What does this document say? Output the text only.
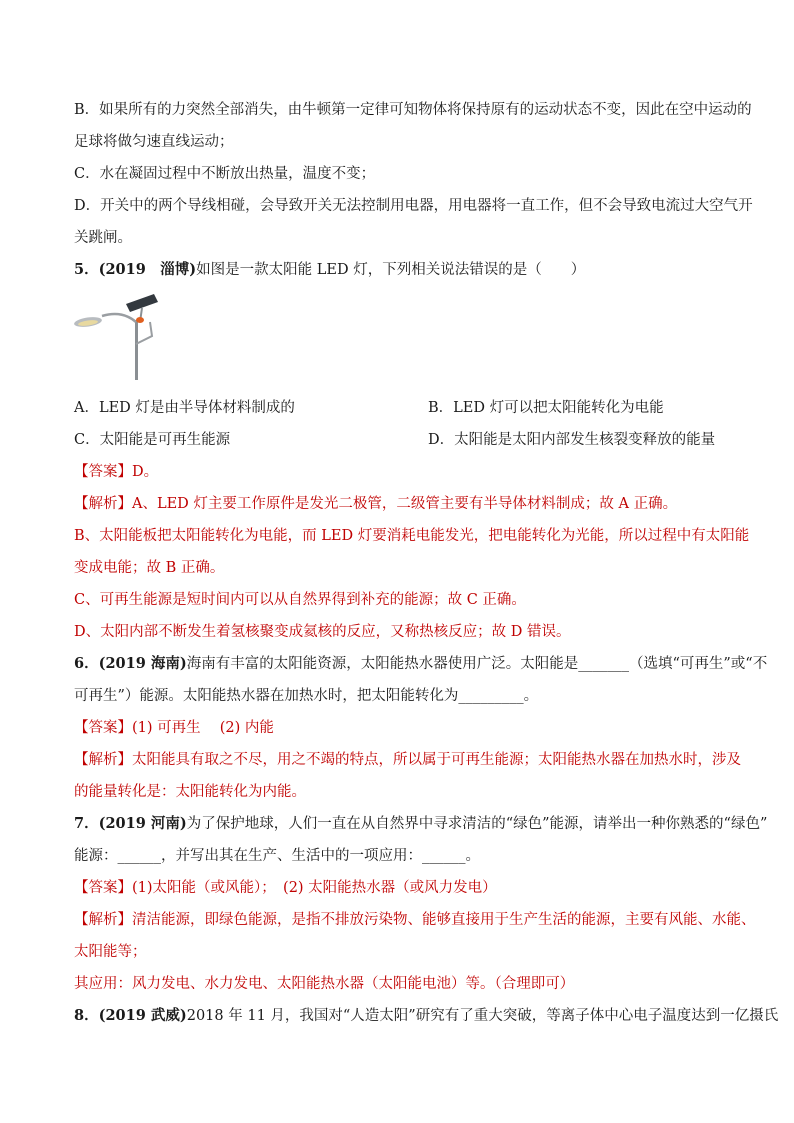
B．如果所有的力突然全部消失，由牛顿第一定律可知物体将保持原有的运动状态不变，因此在空中运动的
足球将做匀速直线运动；
C．水在凝固过程中不断放出热量，温度不变；
D．开关中的两个导线相碰，会导致开关无法控制用电器，用电器将一直工作，但不会导致电流过大空气开
关跳闸。
5．(2019　淄博)如图是一款太阳能 LED 灯，下列相关说法错误的是（　　）
A．LED 灯是由半导体材料制成的	B．LED 灯可以把太阳能转化为电能
C．太阳能是可再生能源	D．太阳能是太阳内部发生核裂变释放的能量
【答案】D。
【解析】A、LED 灯主要工作原件是发光二极管，二级管主要有半导体材料制成；故 A 正确。
B、太阳能板把太阳能转化为电能，而 LED 灯要消耗电能发光，把电能转化为光能，所以过程中有太阳能
变成电能；故 B 正确。
C、可再生能源是短时间内可以从自然界得到补充的能源；故 C 正确。
D、太阳内部不断发生着氢核聚变成氦核的反应，又称热核反应；故 D 错误。
6．(2019 海南)海南有丰富的太阳能资源，太阳能热水器使用广泛。太阳能是_______（选填“可再生”或“不
可再生”）能源。太阳能热水器在加热水时，把太阳能转化为_________。
【答案】(1) 可再生　 (2) 内能
【解析】太阳能具有取之不尽，用之不竭的特点，所以属于可再生能源；太阳能热水器在加热水时，涉及
的能量转化是：太阳能转化为内能。
7．(2019 河南)为了保护地球，人们一直在从自然界中寻求清洁的“绿色”能源，请举出一种你熟悉的“绿色”
能源：______，并写出其在生产、生活中的一项应用：______。
【答案】(1)太阳能（或风能）；　(2) 太阳能热水器（或风力发电）
【解析】清洁能源，即绿色能源，是指不排放污染物、能够直接用于生产生活的能源，主要有风能、水能、
太阳能等；
其应用：风力发电、水力发电、太阳能热水器（太阳能电池）等。（合理即可）
8．(2019 武威)2018 年 11 月，我国对“人造太阳”研究有了重大突破，等离子体中心电子温度达到一亿摄氏
